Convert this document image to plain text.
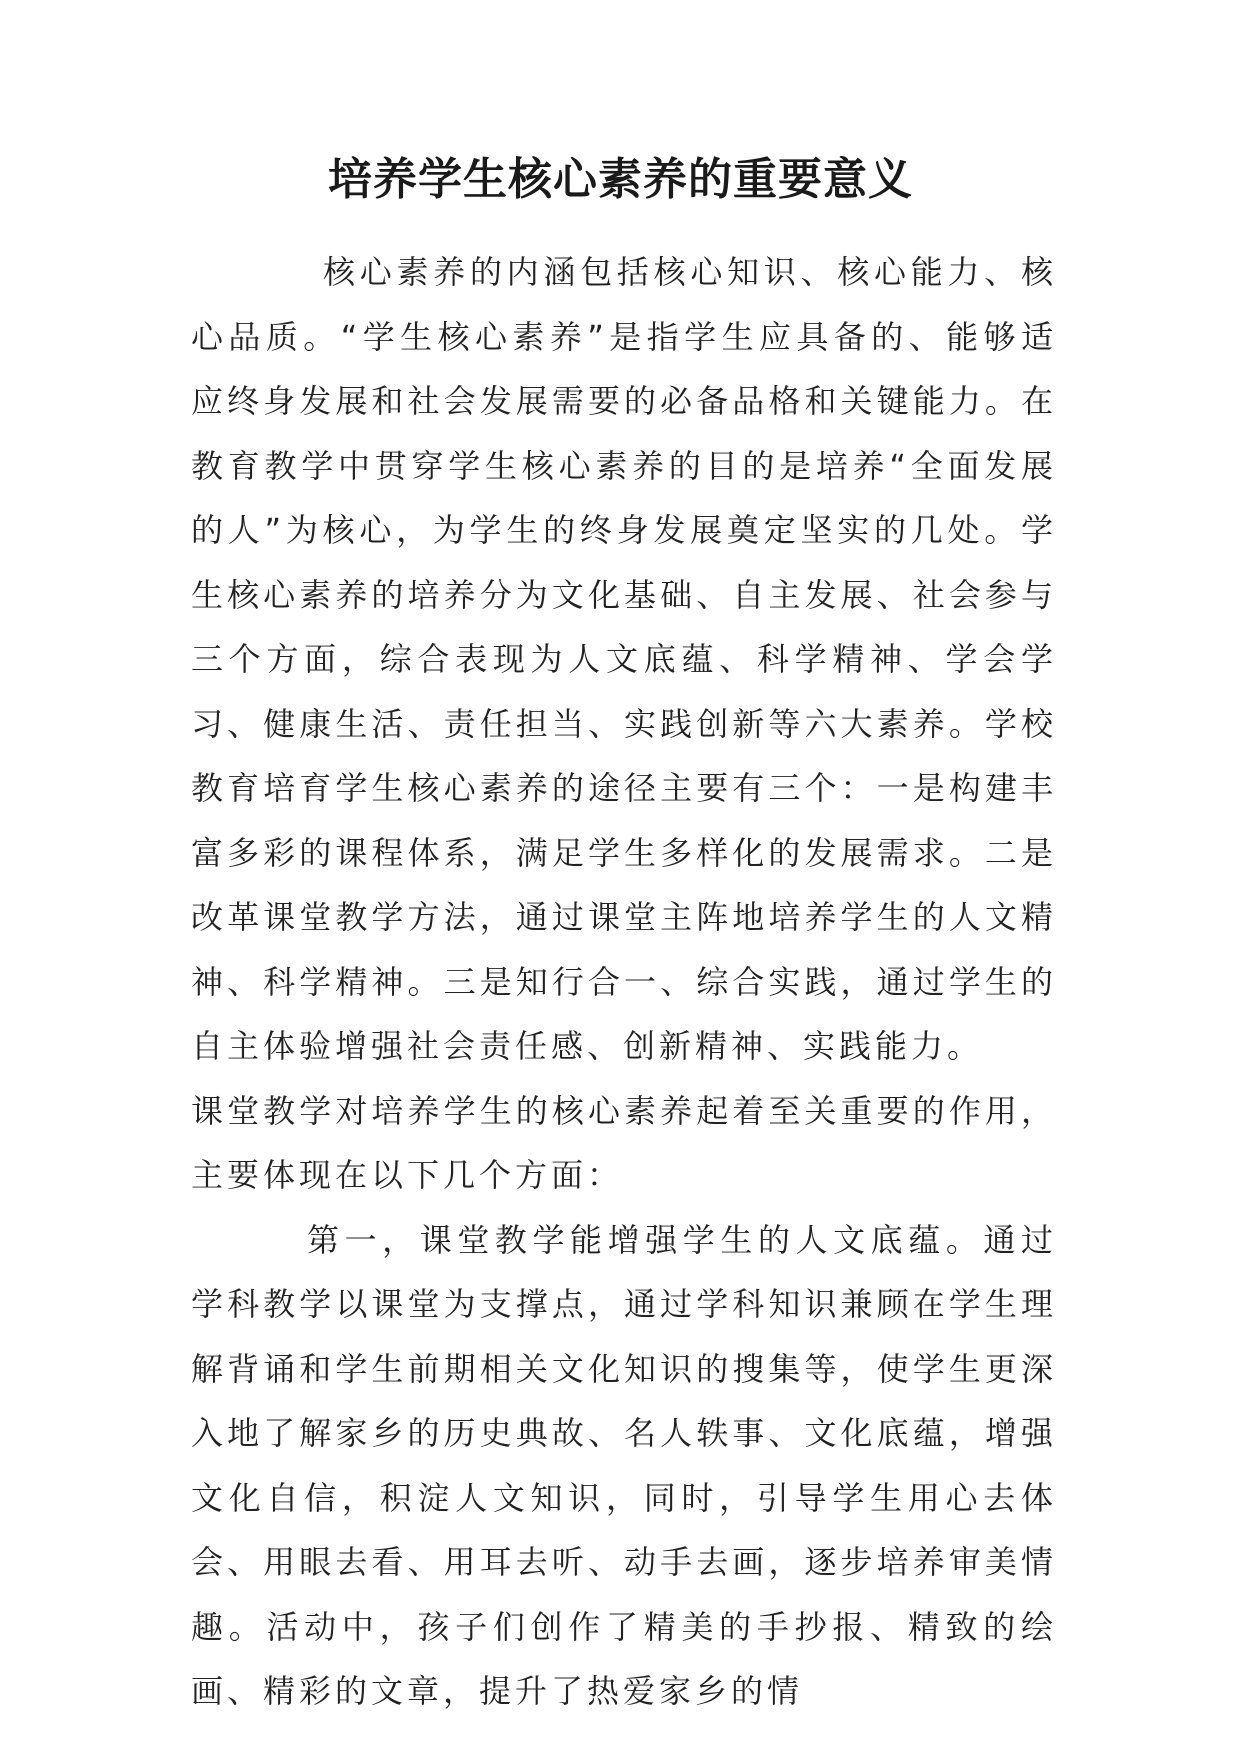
培养学生核心素养的重要意义

核心素养的内涵包括核心知识、核心能力、核心品质。“学生核心素养”是指学生应具备的、能够适应终身发展和社会发展需要的必备品格和关键能力。在教育教学中贯穿学生核心素养的目的是培养“全面发展的人”为核心，为学生的终身发展奠定坚实的几处。学生核心素养的培养分为文化基础、自主发展、社会参与三个方面，综合表现为人文底蕴、科学精神、学会学习、健康生活、责任担当、实践创新等六大素养。学校教育培育学生核心素养的途径主要有三个：一是构建丰富多彩的课程体系，满足学生多样化的发展需求。二是改革课堂教学方法，通过课堂主阵地培养学生的人文精神、科学精神。三是知行合一、综合实践，通过学生的自主体验增强社会责任感、创新精神、实践能力。

课堂教学对培养学生的核心素养起着至关重要的作用，主要体现在以下几个方面：

第一，课堂教学能增强学生的人文底蕴。通过学科教学以课堂为支撑点，通过学科知识兼顾在学生理解背诵和学生前期相关文化知识的搜集等，使学生更深入地了解家乡的历史典故、名人轶事、文化底蕴，增强文化自信，积淀人文知识，同时，引导学生用心去体会、用眼去看、用耳去听、动手去画，逐步培养审美情趣。活动中，孩子们创作了精美的手抄报、精致的绘画、精彩的文章，提升了热爱家乡的情
